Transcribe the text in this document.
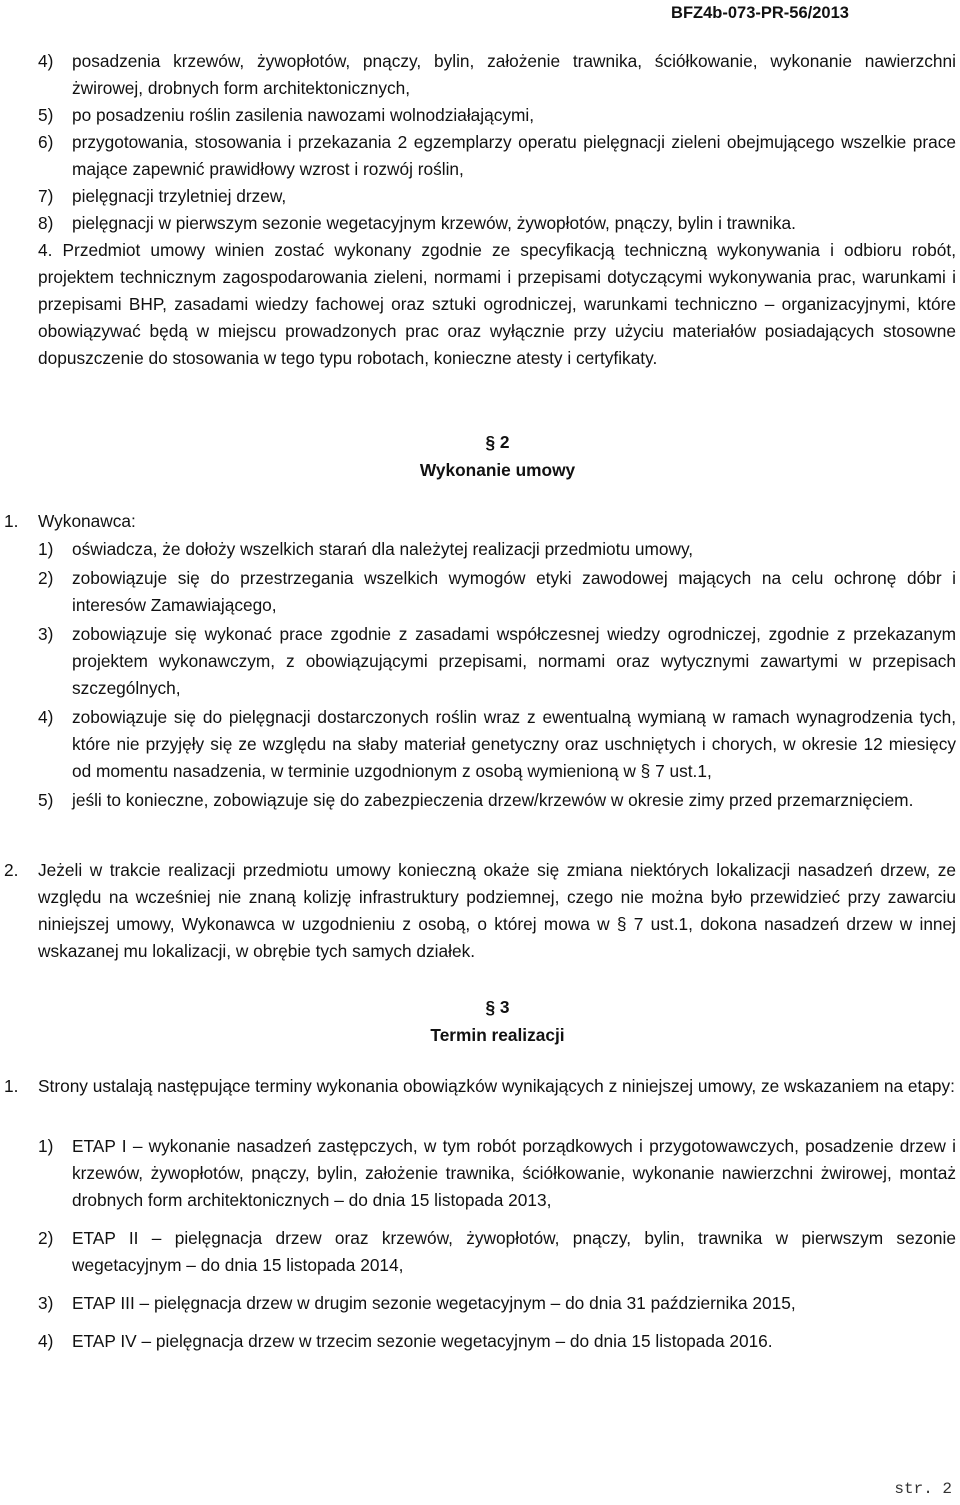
BFZ4b-073-PR-56/2013
4)	posadzenia krzewów, żywopłotów, pnączy, bylin, założenie trawnika, ściółkowanie, wykonanie nawierzchni żwirowej, drobnych form architektonicznych,
5)	po posadzeniu roślin zasilenia nawozami wolnodziałającymi,
6)	przygotowania, stosowania i przekazania 2 egzemplarzy operatu pielęgnacji zieleni obejmującego wszelkie prace mające zapewnić prawidłowy wzrost i rozwój roślin,
7)	pielęgnacji trzyletniej drzew,
8)	pielęgnacji w pierwszym sezonie wegetacyjnym krzewów, żywopłotów, pnączy, bylin i trawnika.
4. Przedmiot umowy winien zostać wykonany zgodnie ze specyfikacją techniczną wykonywania i odbioru robót, projektem technicznym zagospodarowania zieleni, normami i przepisami dotyczącymi wykonywania prac, warunkami i przepisami BHP, zasadami wiedzy fachowej oraz sztuki ogrodniczej, warunkami techniczno – organizacyjnymi, które obowiązywać będą w miejscu prowadzonych prac oraz wyłącznie przy użyciu materiałów posiadających stosowne dopuszczenie do stosowania w tego typu robotach, konieczne atesty i certyfikaty.
§ 2
Wykonanie umowy
1.	Wykonawca:
1)	oświadcza, że dołoży wszelkich starań dla należytej realizacji przedmiotu umowy,
2)	zobowiązuje się do przestrzegania wszelkich wymogów etyki zawodowej mających na celu ochronę dóbr i interesów Zamawiającego,
3)	zobowiązuje się wykonać prace zgodnie z zasadami współczesnej wiedzy ogrodniczej, zgodnie z przekazanym projektem wykonawczym, z obowiązującymi przepisami, normami oraz wytycznymi zawartymi w przepisach szczególnych,
4)	zobowiązuje się do pielęgnacji dostarczonych roślin wraz z ewentualną wymianą w ramach wynagrodzenia tych, które nie przyjęły się ze względu na słaby materiał genetyczny oraz uschniętych i chorych, w okresie 12 miesięcy od momentu nasadzenia, w terminie uzgodnionym z osobą wymienioną w § 7 ust.1,
5)	jeśli to konieczne, zobowiązuje się do zabezpieczenia drzew/krzewów w okresie zimy przed przemarznięciem.
2.	Jeżeli w trakcie realizacji przedmiotu umowy konieczną okaże się zmiana niektórych lokalizacji nasadzeń drzew, ze względu na wcześniej nie znaną kolizję infrastruktury podziemnej, czego nie można było przewidzieć przy zawarciu niniejszej umowy, Wykonawca w uzgodnieniu z osobą, o której mowa w § 7 ust.1, dokona nasadzeń drzew w innej wskazanej mu lokalizacji, w obrębie tych samych działek.
§ 3
Termin realizacji
1.	Strony ustalają następujące terminy wykonania obowiązków wynikających z niniejszej umowy, ze wskazaniem na etapy:
1)	ETAP I – wykonanie nasadzeń zastępczych, w tym robót porządkowych i przygotowawczych, posadzenie drzew i krzewów, żywopłotów, pnączy, bylin, założenie trawnika, ściółkowanie, wykonanie nawierzchni żwirowej, montaż drobnych form architektonicznych – do dnia 15 listopada 2013,
2)	ETAP II – pielęgnacja drzew oraz krzewów, żywopłotów, pnączy, bylin, trawnika w pierwszym sezonie wegetacyjnym – do dnia 15 listopada 2014,
3)	ETAP III – pielęgnacja drzew w drugim sezonie wegetacyjnym – do dnia 31 października 2015,
4)	ETAP IV – pielęgnacja drzew w trzecim sezonie wegetacyjnym – do dnia 15 listopada 2016.
str. 2
